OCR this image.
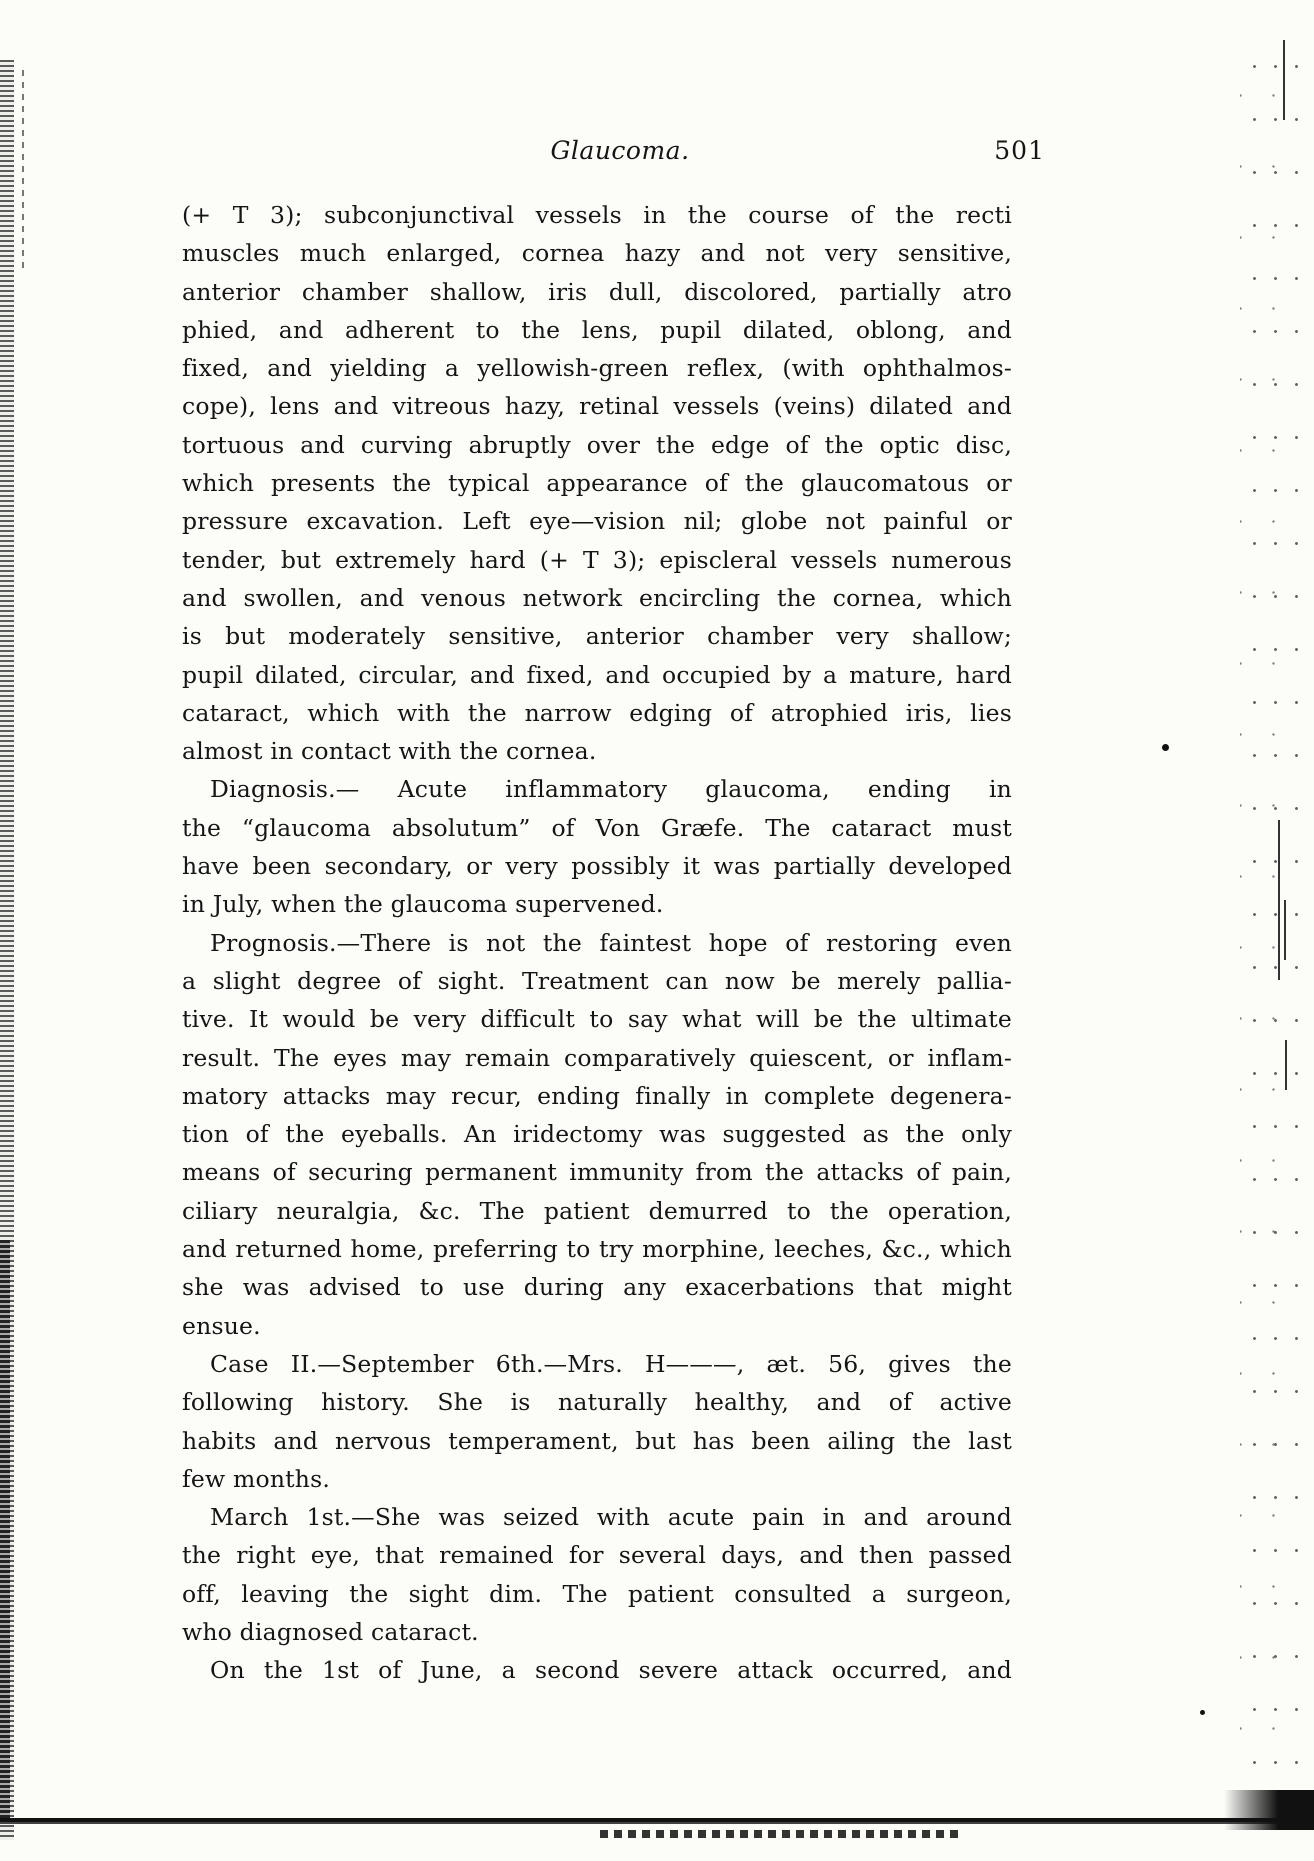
Glaucoma.	501
(+ T 3); subconjunctival vessels in the course of the recti
muscles much enlarged, cornea hazy and not very sensitive,
anterior chamber shallow, iris dull, discolored, partially atro
phied, and adherent to the lens, pupil dilated, oblong, and
fixed, and yielding a yellowish-green reflex, (with ophthalmos-
cope), lens and vitreous hazy, retinal vessels (veins) dilated and
tortuous and curving abruptly over the edge of the optic disc,
which presents the typical appearance of the glaucomatous or
pressure excavation. Left eye—vision nil; globe not painful or
tender, but extremely hard (+ T 3); episcleral vessels numerous
and swollen, and venous network encircling the cornea, which
is but moderately sensitive, anterior chamber very shallow;
pupil dilated, circular, and fixed, and occupied by a mature, hard
cataract, which with the narrow edging of atrophied iris, lies
almost in contact with the cornea.
Diagnosis.— Acute inflammatory glaucoma, ending in
the “glaucoma absolutum” of Von Græfe. The cataract must
have been secondary, or very possibly it was partially developed
in July, when the glaucoma supervened.
Prognosis.—There is not the faintest hope of restoring even
a slight degree of sight. Treatment can now be merely pallia-
tive. It would be very difficult to say what will be the ultimate
result. The eyes may remain comparatively quiescent, or inflam-
matory attacks may recur, ending finally in complete degenera-
tion of the eyeballs. An iridectomy was suggested as the only
means of securing permanent immunity from the attacks of pain,
ciliary neuralgia, &c. The patient demurred to the operation,
and returned home, preferring to try morphine, leeches, &c., which
she was advised to use during any exacerbations that might
ensue.
Case II.—September 6th.—Mrs. H———, æt. 56, gives the
following history. She is naturally healthy, and of active
habits and nervous temperament, but has been ailing the last
few months.
March 1st.—She was seized with acute pain in and around
the right eye, that remained for several days, and then passed
off, leaving the sight dim. The patient consulted a surgeon,
who diagnosed cataract.
On the 1st of June, a second severe attack occurred, and
